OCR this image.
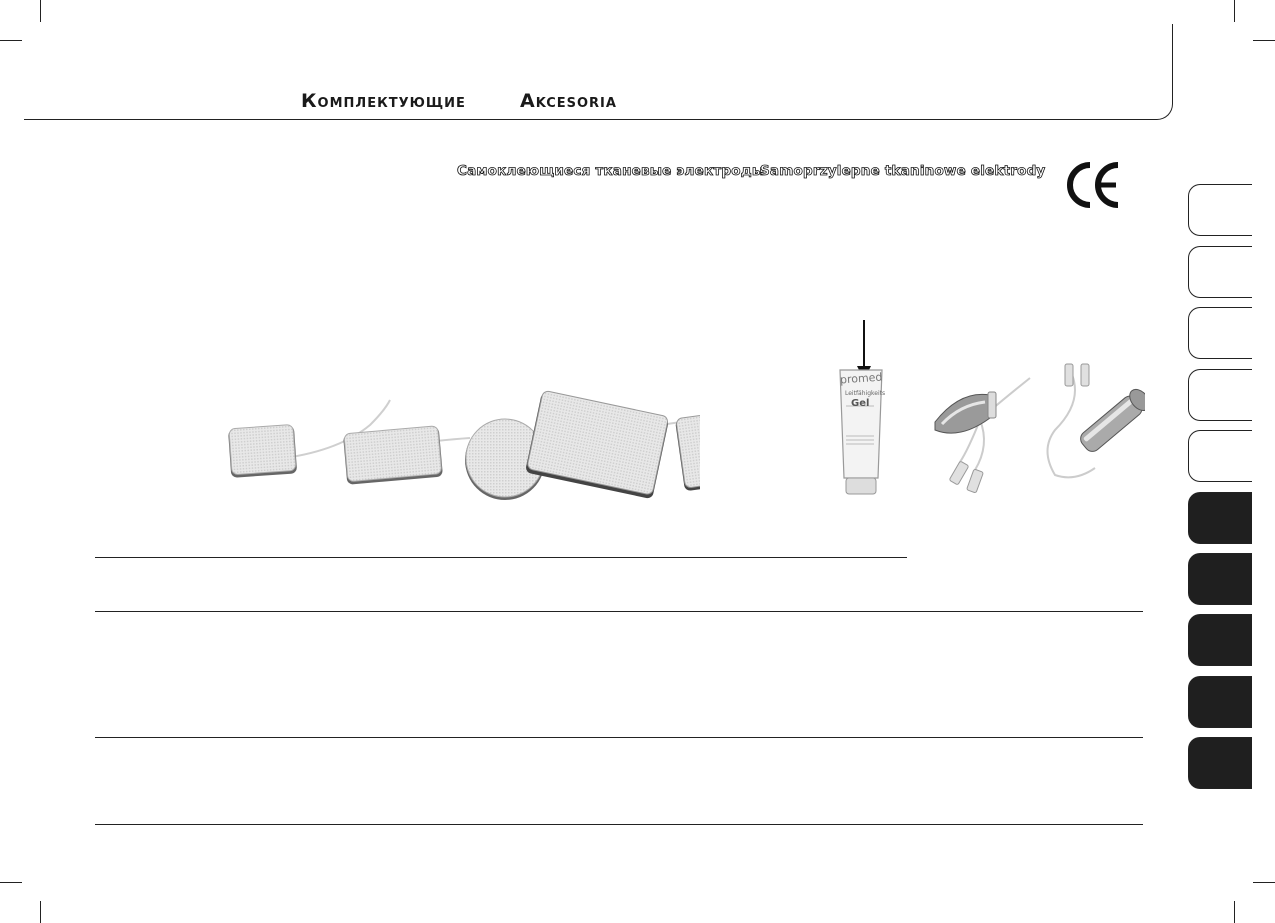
Комплектующие	Akcesoria
Самоклеющиеся тканевые электроды
Samoprzylepne tkaninowe elektrody
promed
Leitfähigkeits
Gel
